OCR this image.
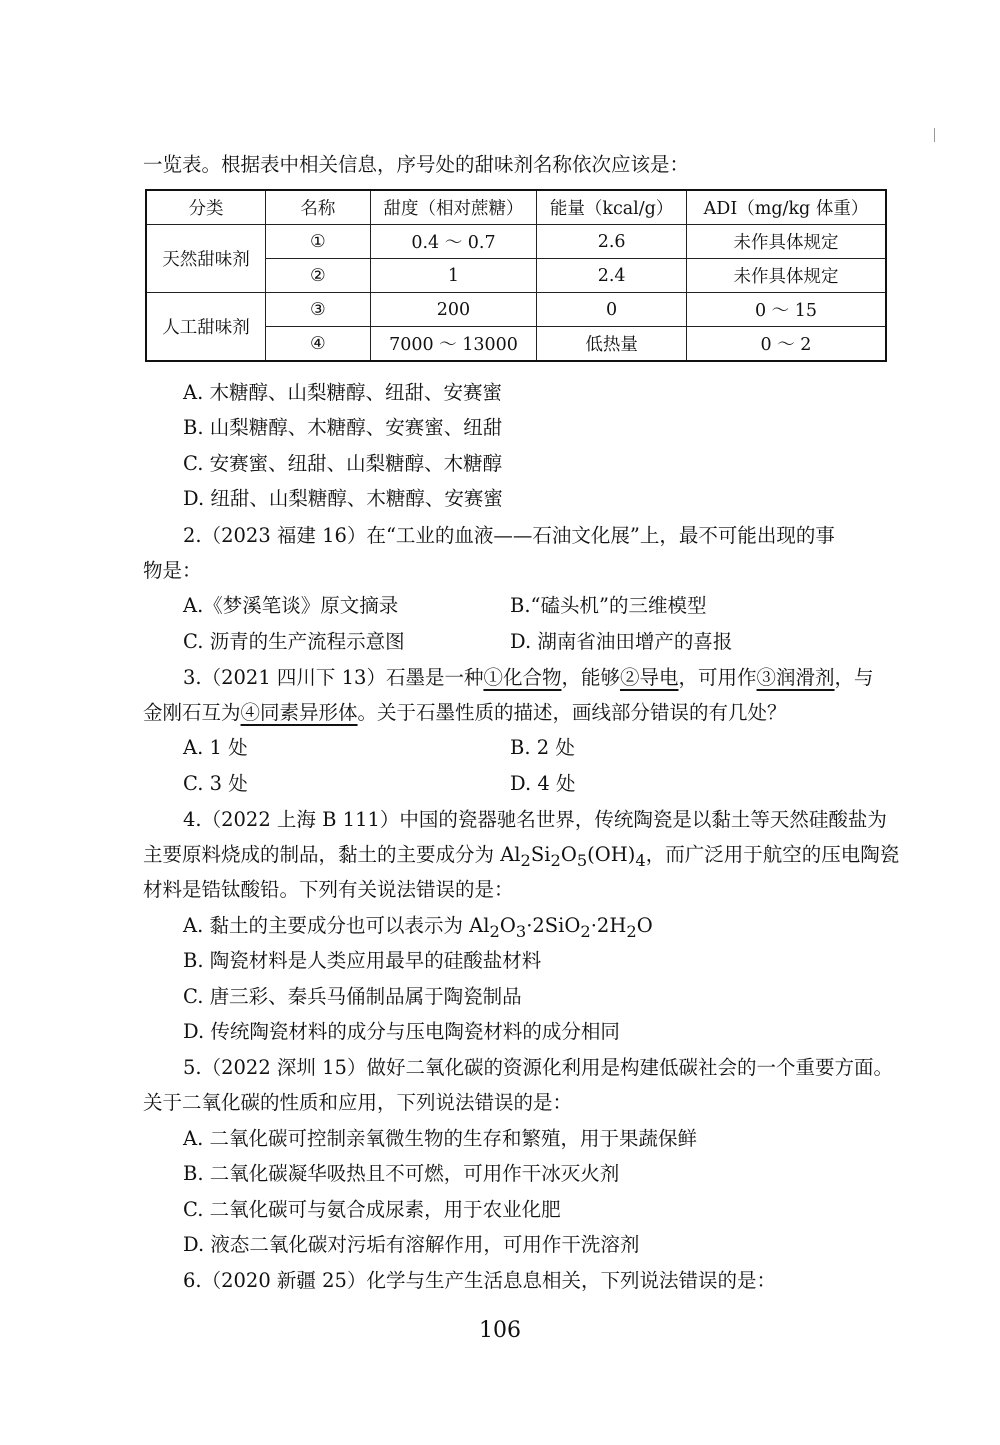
一览表。根据表中相关信息，序号处的甜味剂名称依次应该是：
分类	名称	甜度（相对蔗糖）	能量（kcal/g）	ADI（mg/kg 体重）
天然甜味剂	①	0.4 ～ 0.7	2.6	未作具体规定
	②	1	2.4	未作具体规定
人工甜味剂	③	200	0	0 ～ 15
	④	7000 ～ 13000	低热量	0 ～ 2
A. 木糖醇、山梨糖醇、纽甜、安赛蜜
B. 山梨糖醇、木糖醇、安赛蜜、纽甜
C. 安赛蜜、纽甜、山梨糖醇、木糖醇
D. 纽甜、山梨糖醇、木糖醇、安赛蜜
2.（2023 福建 16）在“工业的血液——石油文化展”上，最不可能出现的事
物是：
A.《梦溪笔谈》原文摘录	B.“磕头机”的三维模型
C. 沥青的生产流程示意图	D. 湖南省油田增产的喜报
3.（2021 四川下 13）石墨是一种①化合物，能够②导电，可用作③润滑剂，与
金刚石互为④同素异形体。关于石墨性质的描述，画线部分错误的有几处？
A. 1 处	B. 2 处
C. 3 处	D. 4 处
4.（2022 上海 B 111）中国的瓷器驰名世界，传统陶瓷是以黏土等天然硅酸盐为
主要原料烧成的制品，黏土的主要成分为 $Al_2Si_2O_5(OH)_4$，而广泛用于航空的压电陶瓷
材料是锆钛酸铅。下列有关说法错误的是：
A. 黏土的主要成分也可以表示为 $Al_2O_3\cdot 2SiO_2\cdot 2H_2O$
B. 陶瓷材料是人类应用最早的硅酸盐材料
C. 唐三彩、秦兵马俑制品属于陶瓷制品
D. 传统陶瓷材料的成分与压电陶瓷材料的成分相同
5.（2022 深圳 15）做好二氧化碳的资源化利用是构建低碳社会的一个重要方面。
关于二氧化碳的性质和应用，下列说法错误的是：
A. 二氧化碳可控制亲氧微生物的生存和繁殖，用于果蔬保鲜
B. 二氧化碳凝华吸热且不可燃，可用作干冰灭火剂
C. 二氧化碳可与氨合成尿素，用于农业化肥
D. 液态二氧化碳对污垢有溶解作用，可用作干洗溶剂
6.（2020 新疆 25）化学与生产生活息息相关，下列说法错误的是：
106
